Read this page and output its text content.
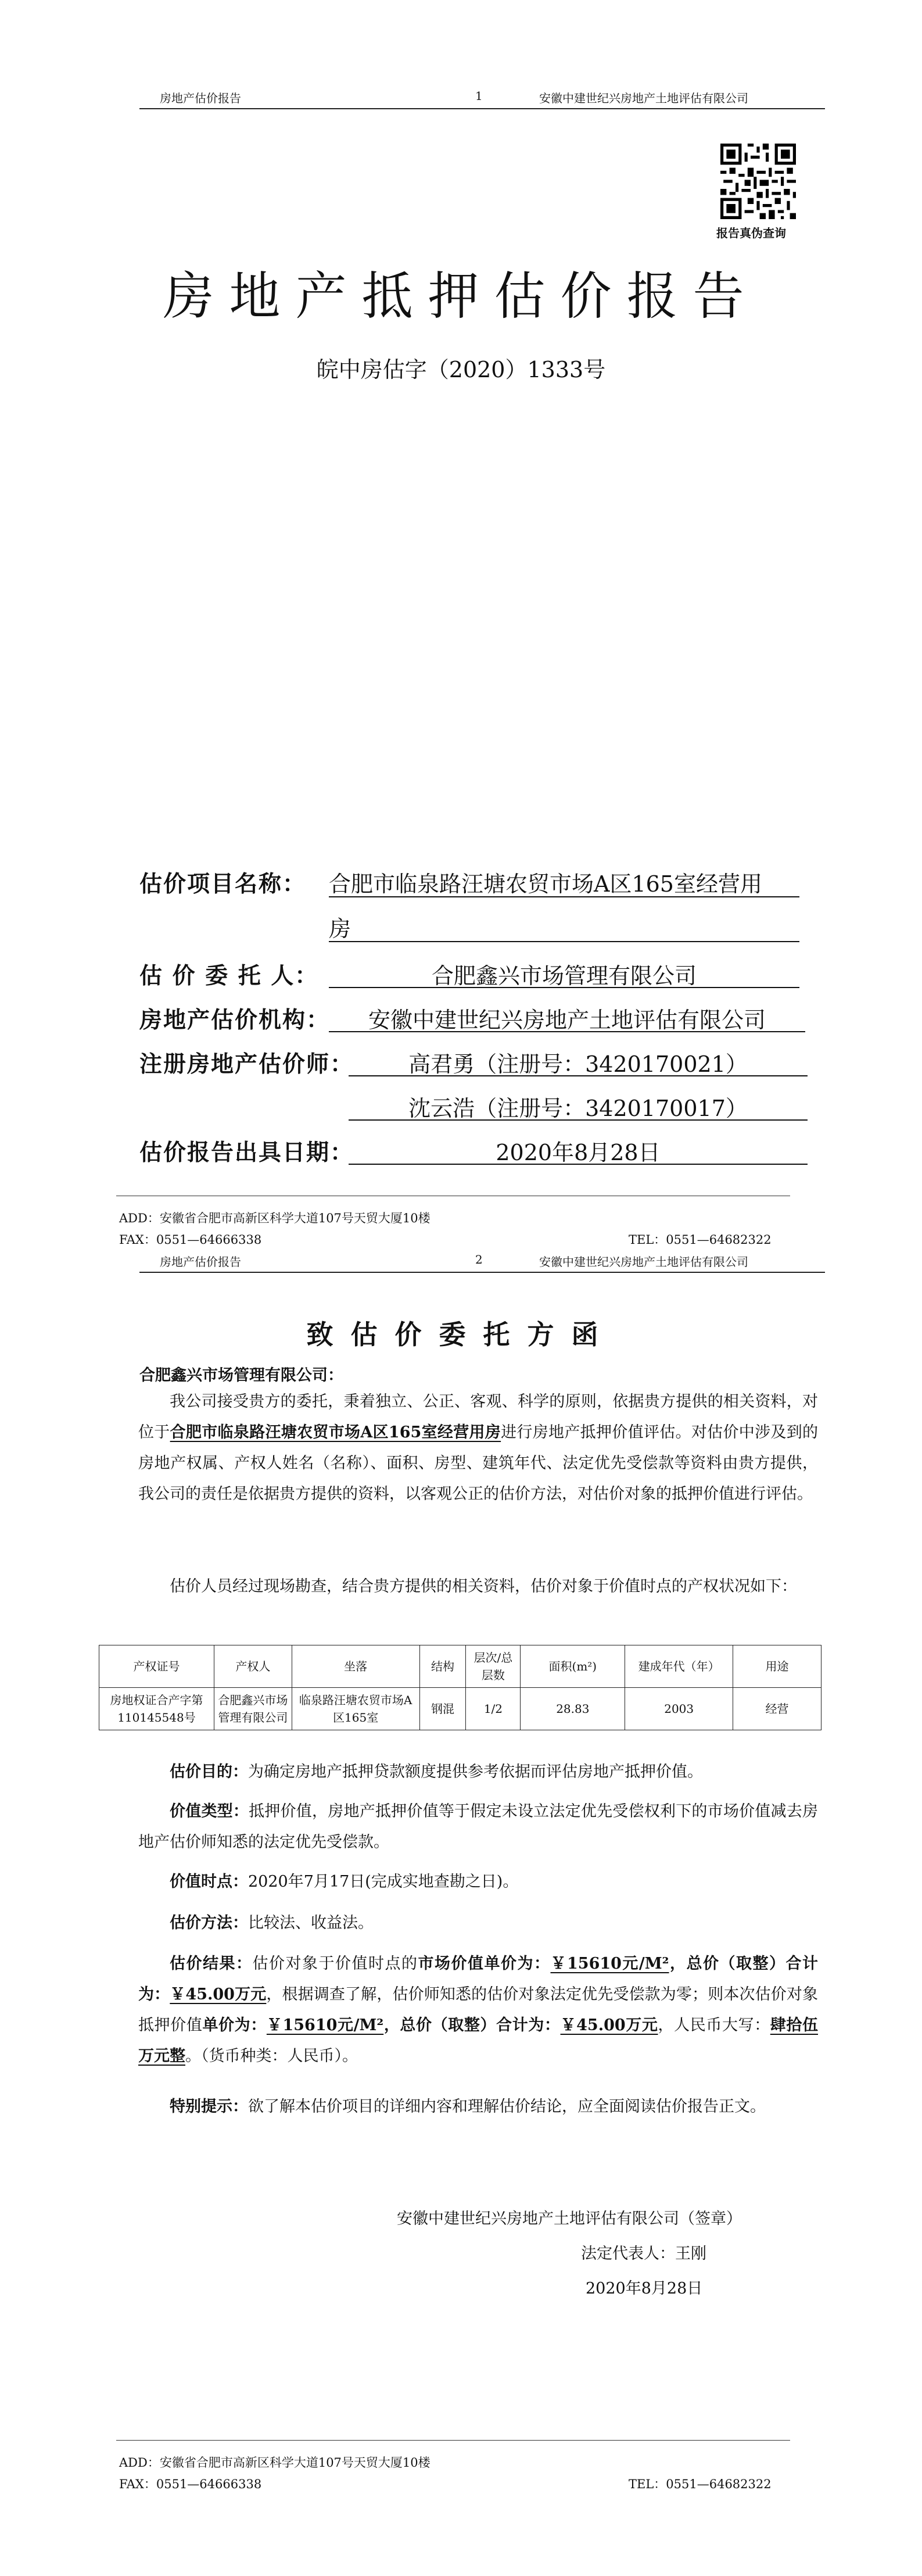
房地产估价报告	1	安徽中建世纪兴房地产土地评估有限公司
报告真伪查询
房地产抵押估价报告
皖中房估字（2020）1333号
估价项目名称： 合肥市临泉路汪塘农贸市场A区165室经营用
房
估 价 委 托 人：	合肥鑫兴市场管理有限公司
房地产估价机构：	安徽中建世纪兴房地产土地评估有限公司
注册房地产估价师：	高君勇（注册号：3420170021）
沈云浩（注册号：3420170017）
估价报告出具日期：	2020年8月28日
ADD：安徽省合肥市高新区科学大道107号天贸大厦10楼
FAX：0551—64666338	TEL：0551—64682322
房地产估价报告	2	安徽中建世纪兴房地产土地评估有限公司
致估价委托方函
合肥鑫兴市场管理有限公司：
我公司接受贵方的委托，秉着独立、公正、客观、科学的原则，依据贵方提供的相关资料，对位于合肥市临泉路汪塘农贸市场A区165室经营用房进行房地产抵押价值评估。对估价中涉及到的房地产权属、产权人姓名（名称）、面积、房型、建筑年代、法定优先受偿款等资料由贵方提供，我公司的责任是依据贵方提供的资料，以客观公正的估价方法，对估价对象的抵押价值进行评估。
估价人员经过现场勘查，结合贵方提供的相关资料，估价对象于价值时点的产权状况如下：
产权证号	产权人	坐落	结构	层次/总层数	面积(m²)	建成年代（年）	用途
房地权证合产字第110145548号	合肥鑫兴市场管理有限公司	临泉路汪塘农贸市场A区165室	钢混	1/2	28.83	2003	经营
估价目的：为确定房地产抵押贷款额度提供参考依据而评估房地产抵押价值。
价值类型：抵押价值，房地产抵押价值等于假定未设立法定优先受偿权利下的市场价值减去房地产估价师知悉的法定优先受偿款。
价值时点：2020年7月17日(完成实地查勘之日)。
估价方法：比较法、收益法。
估价结果：估价对象于价值时点的市场价值单价为：￥15610元/M²，总价（取整）合计为：￥45.00万元，根据调查了解，估价师知悉的估价对象法定优先受偿款为零；则本次估价对象抵押价值单价为：￥15610元/M²，总价（取整）合计为：￥45.00万元，人民币大写：肆拾伍万元整。（货币种类：人民币）。
特别提示：欲了解本估价项目的详细内容和理解估价结论，应全面阅读估价报告正文。
安徽中建世纪兴房地产土地评估有限公司（签章）
法定代表人：王刚
2020年8月28日
ADD：安徽省合肥市高新区科学大道107号天贸大厦10楼
FAX：0551—64666338	TEL：0551—64682322
